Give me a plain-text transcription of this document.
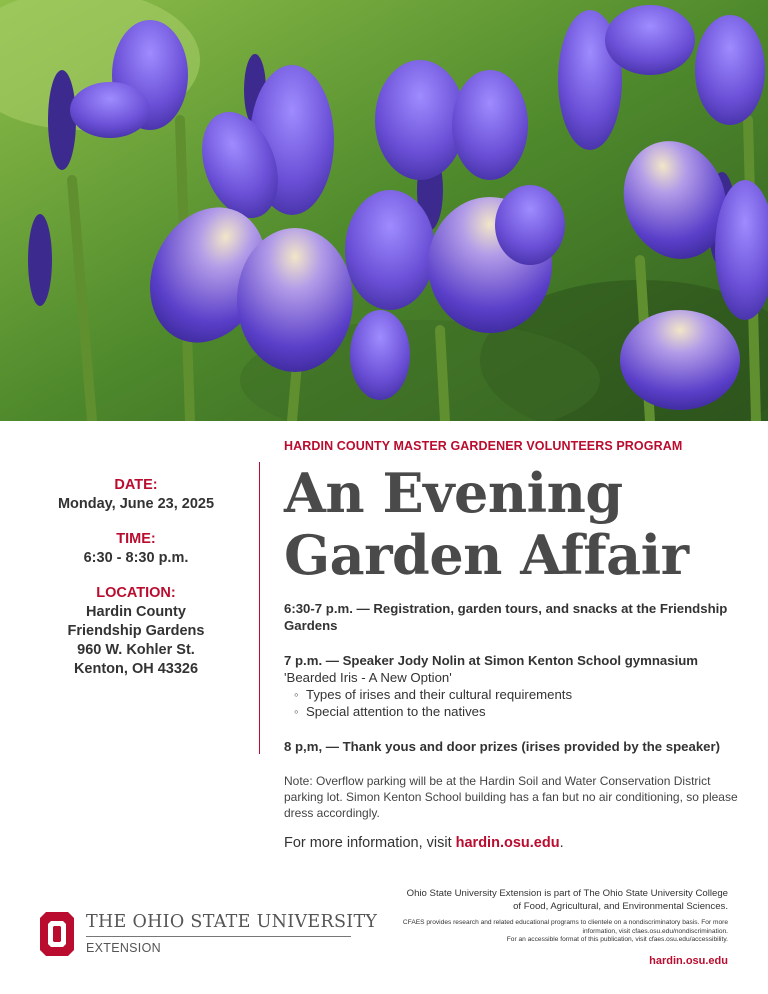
DATE:
Monday, June 23, 2025
TIME:
6:30 - 8:30 p.m.
LOCATION:
Hardin County
Friendship Gardens
960 W. Kohler St.
Kenton, OH 43326
HARDIN COUNTY MASTER GARDENER VOLUNTEERS PROGRAM
An Evening
Garden Affair
6:30-7 p.m. — Registration, garden tours, and snacks at the Friendship Gardens
7 p.m. — Speaker Jody Nolin at Simon Kenton School gymnasium
'Bearded Iris - A New Option'
◦ Types of irises and their cultural requirements
◦ Special attention to the natives
8 p,m, — Thank yous and door prizes (irises provided by the speaker)

Note: Overflow parking will be at the Hardin Soil and Water Conservation District parking lot. Simon Kenton School building has a fan but no air conditioning, so please dress accordingly.

For more information, visit hardin.osu.edu.

THE OHIO STATE UNIVERSITY
EXTENSION
Ohio State University Extension is part of The Ohio State University College of Food, Agricultural, and Environmental Sciences.
CFAES provides research and related educational programs to clientele on a nondiscriminatory basis. For more information, visit cfaes.osu.edu/nondiscrimination.
For an accessible format of this publication, visit cfaes.osu.edu/accessibility.
hardin.osu.edu
